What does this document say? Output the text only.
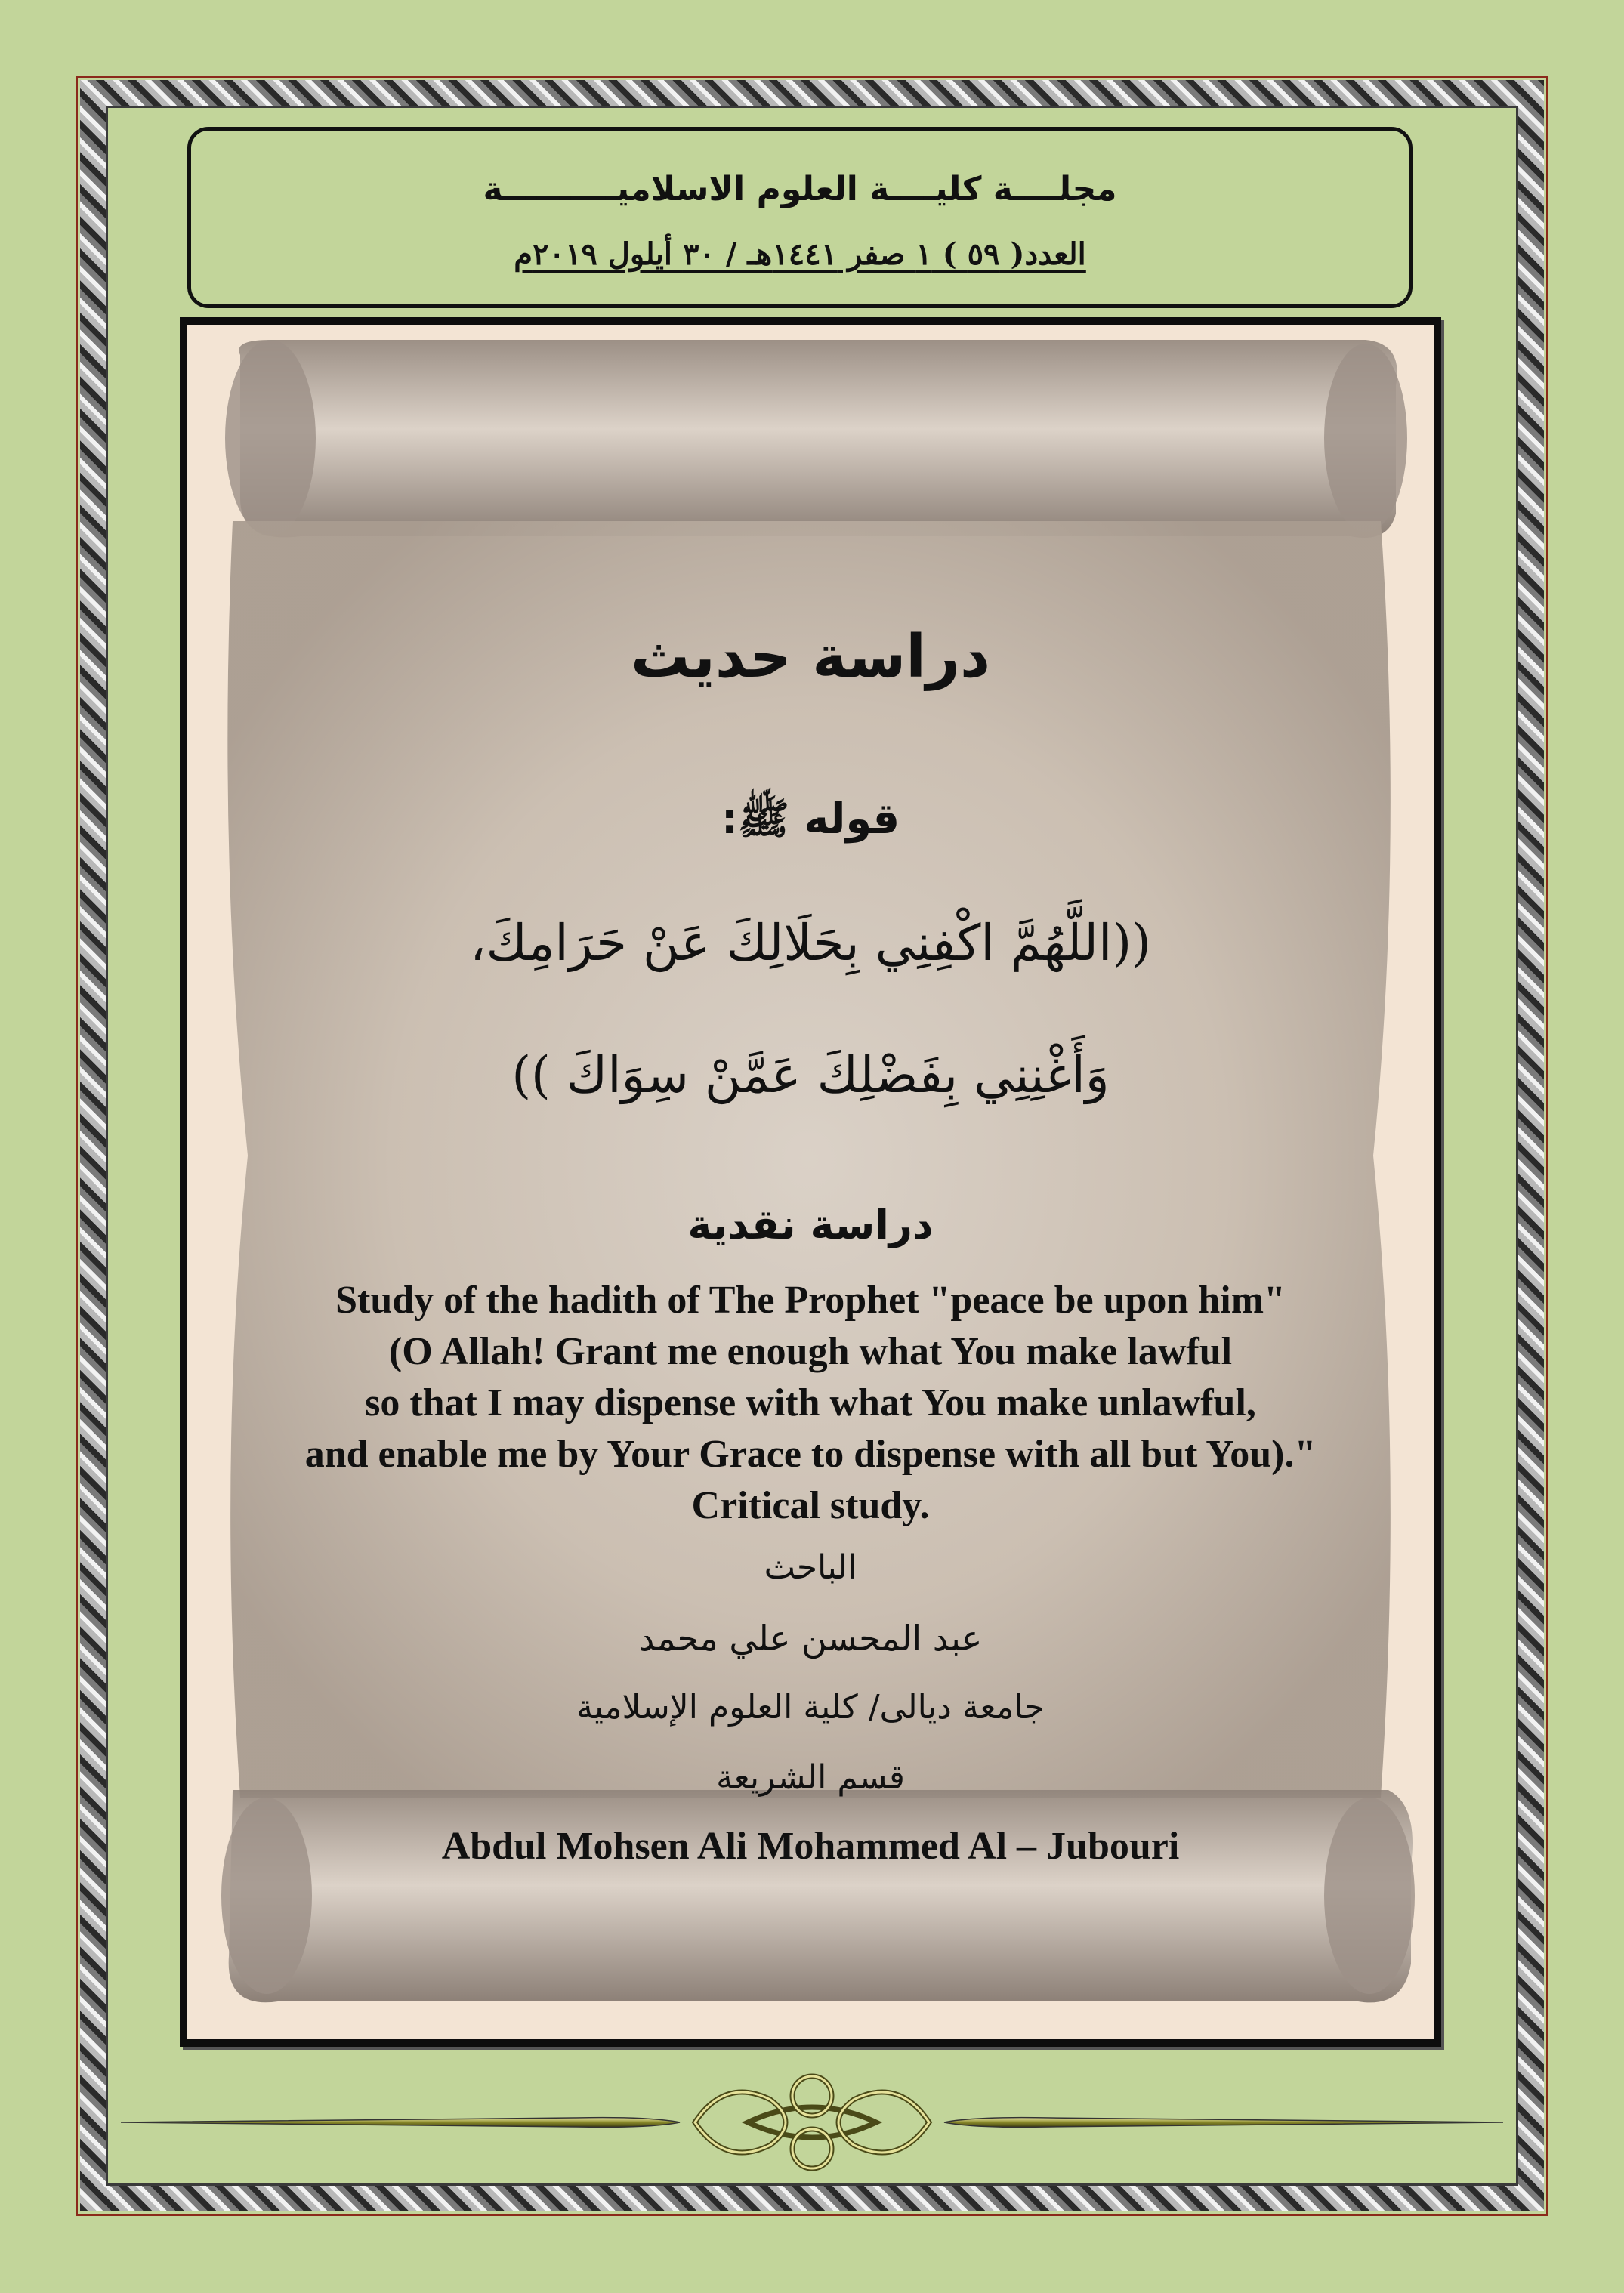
مجلــــة كليــــة العلوم الاسلاميــــــــــة
العدد( ٥٩ ) ١ صفر ١٤٤١هـ / ٣٠ أيلول ٢٠١٩م
دراسة حديث
قوله ﷺ:
((اللَّهُمَّ اكْفِنِي بِحَلَالِكَ عَنْ حَرَامِكَ،
وَأَغْنِنِي بِفَضْلِكَ عَمَّنْ سِوَاكَ ))
دراسة نقدية
Study of the hadith of The Prophet "peace be upon him"
(O Allah! Grant me enough what You make lawful
so that I may dispense with what You make unlawful,
and enable me by Your Grace to dispense with all but You)."
Critical study.
الباحث
عبد المحسن علي محمد
جامعة ديالى/ كلية العلوم الإسلامية
قسم الشريعة
Abdul Mohsen Ali Mohammed Al – Jubouri
